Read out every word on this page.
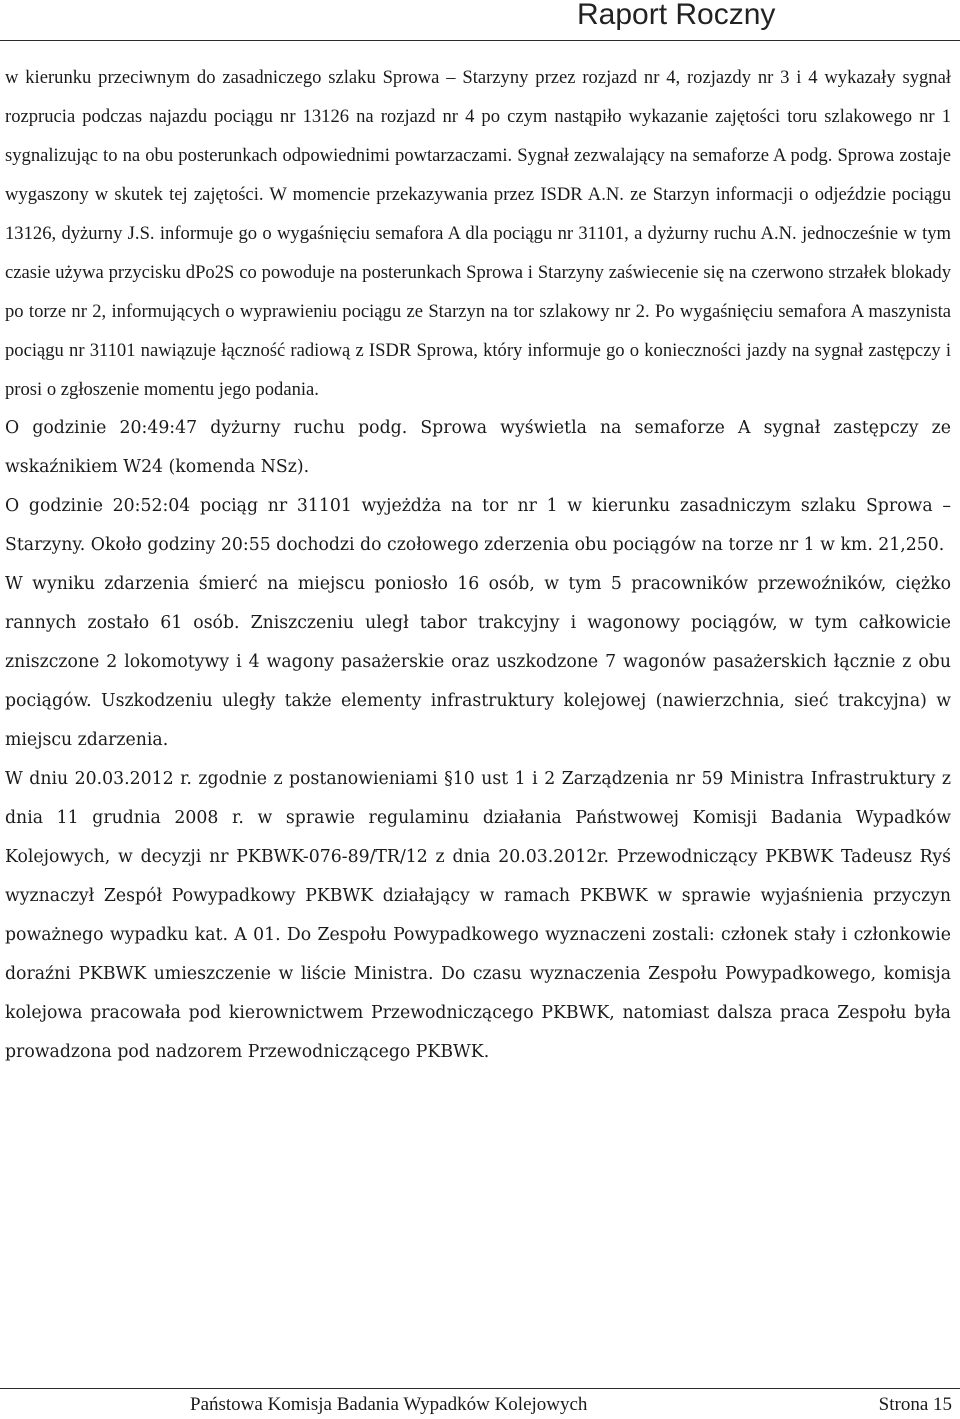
Raport Roczny

w kierunku przeciwnym do zasadniczego szlaku Sprowa – Starzyny przez rozjazd nr 4, rozjazdy nr 3 i 4 wykazały sygnał rozprucia podczas najazdu pociągu nr 13126 na rozjazd nr 4 po czym nastąpiło wykazanie zajętości toru szlakowego nr 1 sygnalizując to na obu posterunkach odpowiednimi powtarzaczami. Sygnał zezwalający na semaforze A podg. Sprowa zostaje wygaszony w skutek tej zajętości. W momencie przekazywania przez ISDR A.N. ze Starzyn informacji o odjeździe pociągu 13126, dyżurny J.S. informuje go o wygaśnięciu semafora A dla pociągu nr 31101, a dyżurny ruchu A.N. jednocześnie w tym czasie używa przycisku dPo2S co powoduje na posterunkach Sprowa i Starzyny zaświecenie się na czerwono strzałek blokady po torze nr 2, informujących o wyprawieniu pociągu ze Starzyn na tor szlakowy nr 2. Po wygaśnięciu semafora A maszynista pociągu nr 31101 nawiązuje łączność radiową z ISDR Sprowa, który informuje go o konieczności jazdy na sygnał zastępczy i prosi o zgłoszenie momentu jego podania.

O godzinie 20:49:47 dyżurny ruchu podg. Sprowa wyświetla na semaforze A sygnał zastępczy ze wskaźnikiem W24 (komenda NSz).

O godzinie 20:52:04 pociąg nr 31101 wyjeżdża na tor nr 1 w kierunku zasadniczym szlaku Sprowa – Starzyny. Około godziny 20:55 dochodzi do czołowego zderzenia obu pociągów na torze nr 1 w km. 21,250.

W wyniku zdarzenia śmierć na miejscu poniosło 16 osób, w tym 5 pracowników przewoźników, ciężko rannych zostało 61 osób. Zniszczeniu uległ tabor trakcyjny i wagonowy pociągów, w tym całkowicie zniszczone 2 lokomotywy i 4 wagony pasażerskie oraz uszkodzone 7 wagonów pasażerskich łącznie z obu pociągów. Uszkodzeniu uległy także elementy infrastruktury kolejowej (nawierzchnia, sieć trakcyjna) w miejscu zdarzenia.

W dniu 20.03.2012 r. zgodnie z postanowieniami §10 ust 1 i 2 Zarządzenia nr 59 Ministra Infrastruktury z dnia 11 grudnia 2008 r. w sprawie regulaminu działania Państwowej Komisji Badania Wypadków Kolejowych, w decyzji nr PKBWK-076-89/TR/12 z dnia 20.03.2012r. Przewodniczący PKBWK Tadeusz Ryś wyznaczył Zespół Powypadkowy PKBWK działający w ramach PKBWK w sprawie wyjaśnienia przyczyn poważnego wypadku kat. A 01. Do Zespołu Powypadkowego wyznaczeni zostali: członek stały i członkowie doraźni PKBWK umieszczenie w liście Ministra. Do czasu wyznaczenia Zespołu Powypadkowego, komisja kolejowa pracowała pod kierownictwem Przewodniczącego PKBWK, natomiast dalsza praca Zespołu była prowadzona pod nadzorem Przewodniczącego PKBWK.

Państowa Komisja Badania Wypadków Kolejowych	Strona 15
